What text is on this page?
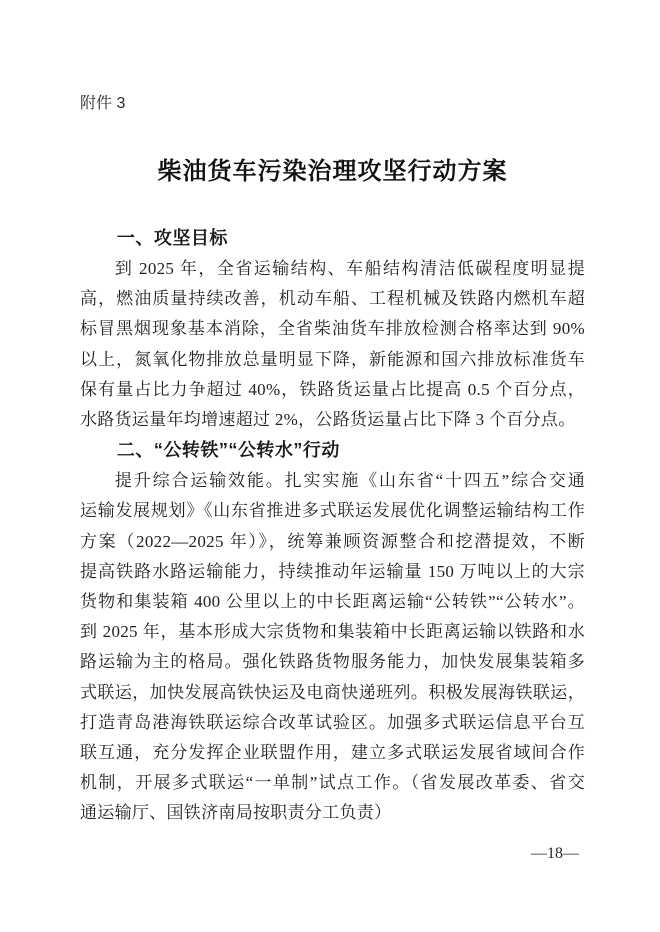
附件 3
柴油货车污染治理攻坚行动方案
一、攻坚目标
到 2025 年，全省运输结构、车船结构清洁低碳程度明显提
高，燃油质量持续改善，机动车船、工程机械及铁路内燃机车超
标冒黑烟现象基本消除，全省柴油货车排放检测合格率达到 90%
以上，氮氧化物排放总量明显下降，新能源和国六排放标准货车
保有量占比力争超过 40%，铁路货运量占比提高 0.5 个百分点，
水路货运量年均增速超过 2%，公路货运量占比下降 3 个百分点。
二、“公转铁”“公转水”行动
提升综合运输效能。扎实实施《山东省“十四五”综合交通
运输发展规划》《山东省推进多式联运发展优化调整运输结构工作
方案（2022—2025 年）》，统筹兼顾资源整合和挖潜提效，不断
提高铁路水路运输能力，持续推动年运输量 150 万吨以上的大宗
货物和集装箱 400 公里以上的中长距离运输“公转铁”“公转水”。
到 2025 年，基本形成大宗货物和集装箱中长距离运输以铁路和水
路运输为主的格局。强化铁路货物服务能力，加快发展集装箱多
式联运，加快发展高铁快运及电商快递班列。积极发展海铁联运，
打造青岛港海铁联运综合改革试验区。加强多式联运信息平台互
联互通，充分发挥企业联盟作用，建立多式联运发展省域间合作
机制，开展多式联运“一单制”试点工作。（省发展改革委、省交
通运输厅、国铁济南局按职责分工负责）
—18—
